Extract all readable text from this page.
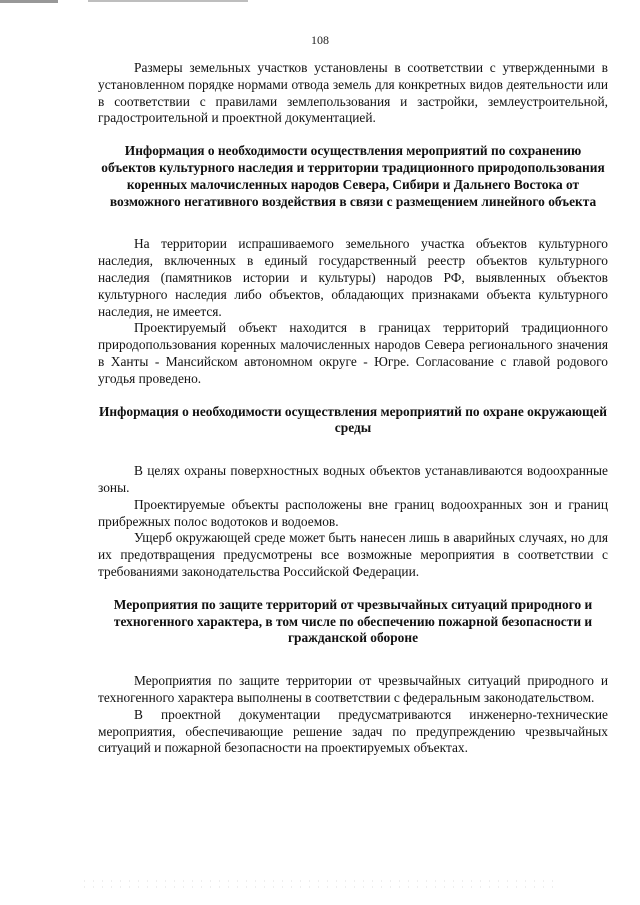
108

Размеры земельных участков установлены в соответствии с утвержденными в установленном порядке нормами отвода земель для конкретных видов деятельности или в соответствии с правилами землепользования и застройки, землеустроительной, градостроительной и проектной документацией.

Информация о необходимости осуществления мероприятий по сохранению объектов культурного наследия и территории традиционного природопользования коренных малочисленных народов Севера, Сибири и Дальнего Востока от возможного негативного воздействия в связи с размещением линейного объекта

На территории испрашиваемого земельного участка объектов культурного наследия, включенных в единый государственный реестр объектов культурного наследия (памятников истории и культуры) народов РФ, выявленных объектов культурного наследия либо объектов, обладающих признаками объекта культурного наследия, не имеется.

Проектируемый объект находится в границах территорий традиционного природопользования коренных малочисленных народов Севера регионального значения в Ханты - Мансийском автономном округе - Югре. Согласование с главой родового угодья проведено.

Информация о необходимости осуществления мероприятий по охране окружающей среды

В целях охраны поверхностных водных объектов устанавливаются водоохранные зоны.

Проектируемые объекты расположены вне границ водоохранных зон и границ прибрежных полос водотоков и водоемов.

Ущерб окружающей среде может быть нанесен лишь в аварийных случаях, но для их предотвращения предусмотрены все возможные мероприятия в соответствии с требованиями законодательства Российской Федерации.

Мероприятия по защите территорий от чрезвычайных ситуаций природного и техногенного характера, в том числе по обеспечению пожарной безопасности и гражданской обороне

Мероприятия по защите территории от чрезвычайных ситуаций природного и техногенного характера выполнены в соответствии с федеральным законодательством.

В проектной документации предусматриваются инженерно-технические мероприятия, обеспечивающие решение задач по предупреждению чрезвычайных ситуаций и пожарной безопасности на проектируемых объектах.
